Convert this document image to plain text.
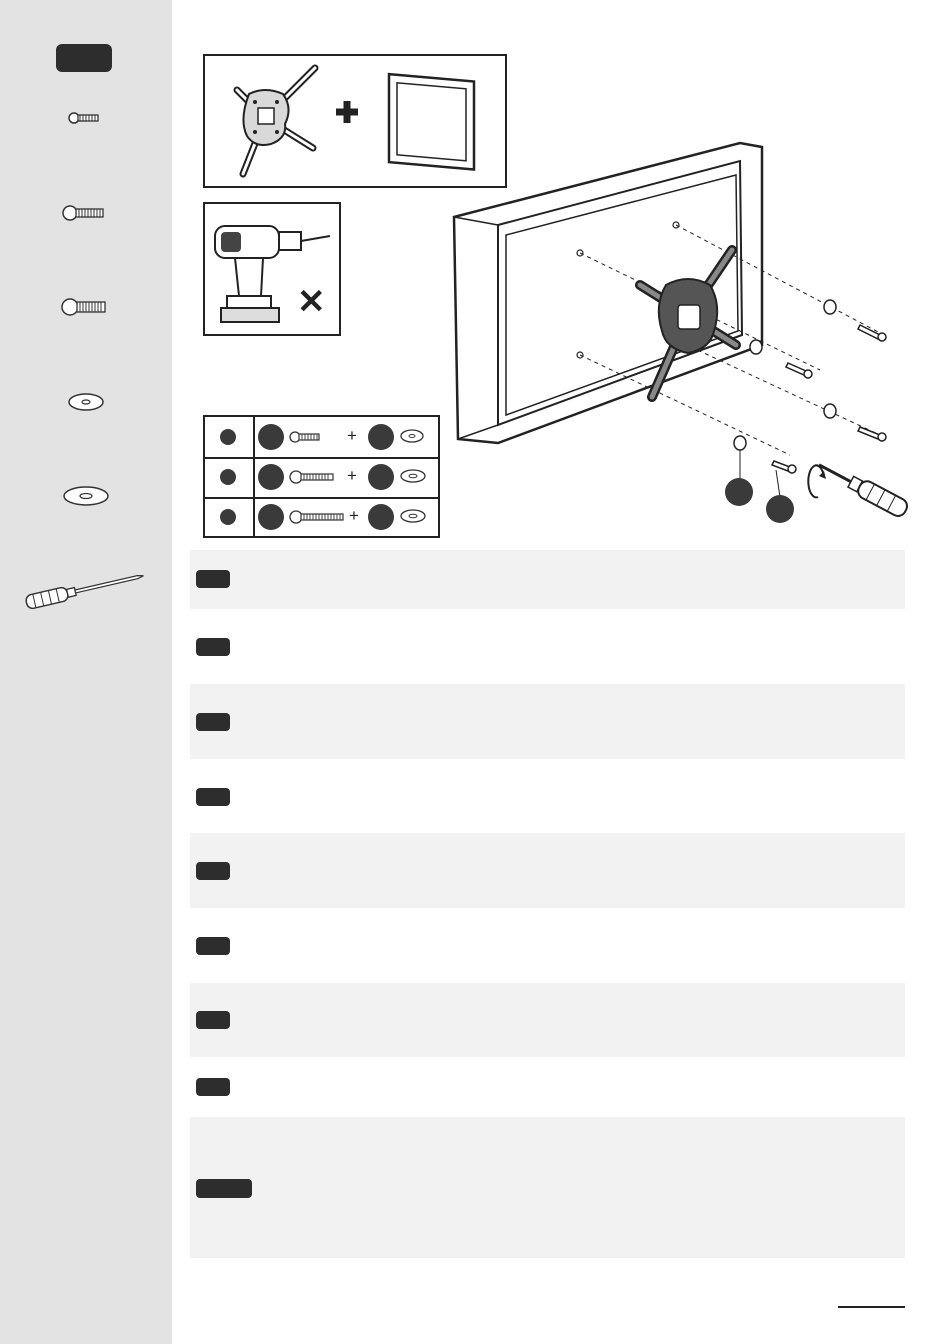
✕
+
+
+
